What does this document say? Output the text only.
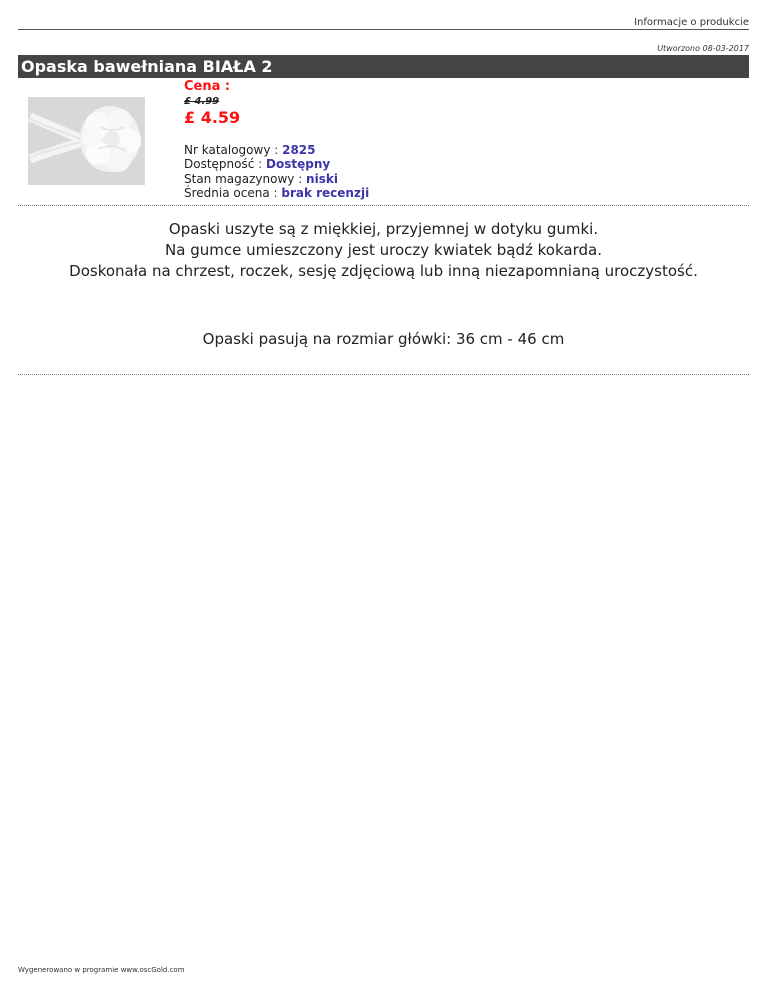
Informacje o produkcie
Utworzono 08-03-2017
Opaska bawełniana BIAŁA 2
Cena :
£ 4.99
£ 4.59
Nr katalogowy : 2825
Dostępność : Dostępny
Stan magazynowy : niski
Średnia ocena : brak recenzji
Opaski uszyte są z miękkiej, przyjemnej w dotyku gumki.
Na gumce umieszczony jest uroczy kwiatek bądź kokarda.
Doskonała na chrzest, roczek, sesję zdjęciową lub inną niezapomnianą uroczystość.
Opaski pasują na rozmiar główki: 36 cm - 46 cm
Wygenerowano w programie www.oscGold.com
